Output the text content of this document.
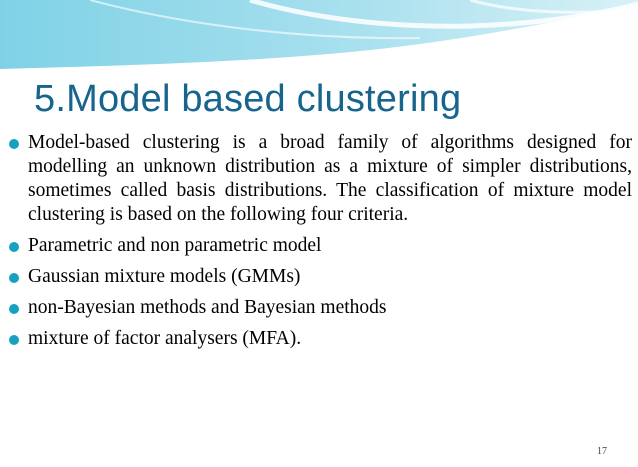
5.Model based clustering
Model-based clustering is a broad family of algorithms designed for modelling an unknown distribution as a mixture of simpler distributions, sometimes called basis distributions. The classification of mixture model clustering is based on the following four criteria.
Parametric and non parametric model
Gaussian mixture models (GMMs)
non-Bayesian methods and Bayesian methods
mixture of factor analysers (MFA).
17
